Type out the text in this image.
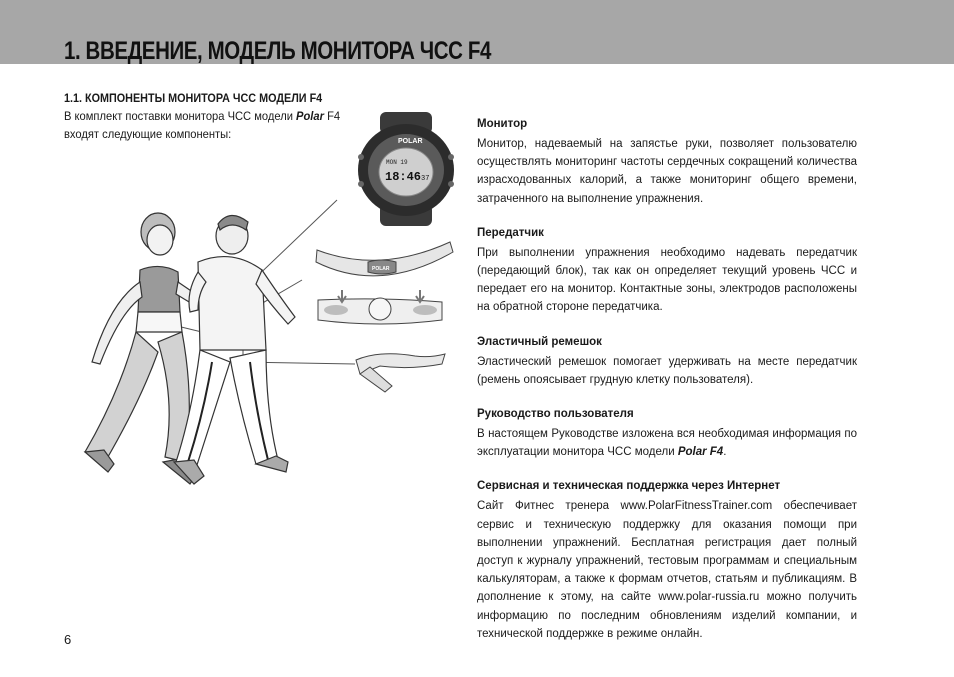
1. ВВЕДЕНИЕ, МОДЕЛЬ МОНИТОРА ЧСС F4
1.1. КОМПОНЕНТЫ МОНИТОРА ЧСС МОДЕЛИ F4

В комплект поставки монитора ЧСС модели Polar F4 входят следующие компоненты:

POLAR
MON 19
18:46 37
POLAR
Монитор

Монитор, надеваемый на запястье руки, позволяет пользователю осуществлять мониторинг частоты сердечных сокращений количества израсходованных калорий, а также мониторинг общего времени, затраченного на выполнение упражнения.

Передатчик

При выполнении упражнения необходимо надевать передатчик (передающий блок), так как он определяет текущий уровень ЧСС и передает его на монитор. Контактные зоны, электродов расположены на обратной стороне передатчика.

Эластичный ремешок

Эластический ремешок помогает удерживать на месте передатчик (ремень опоясывает грудную клетку пользователя).

Руководство пользователя

В настоящем Руководстве изложена вся необходимая информация по эксплуатации монитора ЧСС модели Polar F4.

Сервисная и техническая поддержка через Интернет

Сайт Фитнес тренера www.PolarFitnessTrainer.com обеспечивает сервис и техническую поддержку для оказания помощи при выполнении упражнений. Бесплатная регистрация дает полный доступ к журналу упражнений, тестовым программам и специальным калькуляторам, а также к формам отчетов, статьям и публикациям. В дополнение к этому, на сайте www.polar-russia.ru можно получить информацию по последним обновлениям изделий компании, и технической поддержке в режиме онлайн.

6
